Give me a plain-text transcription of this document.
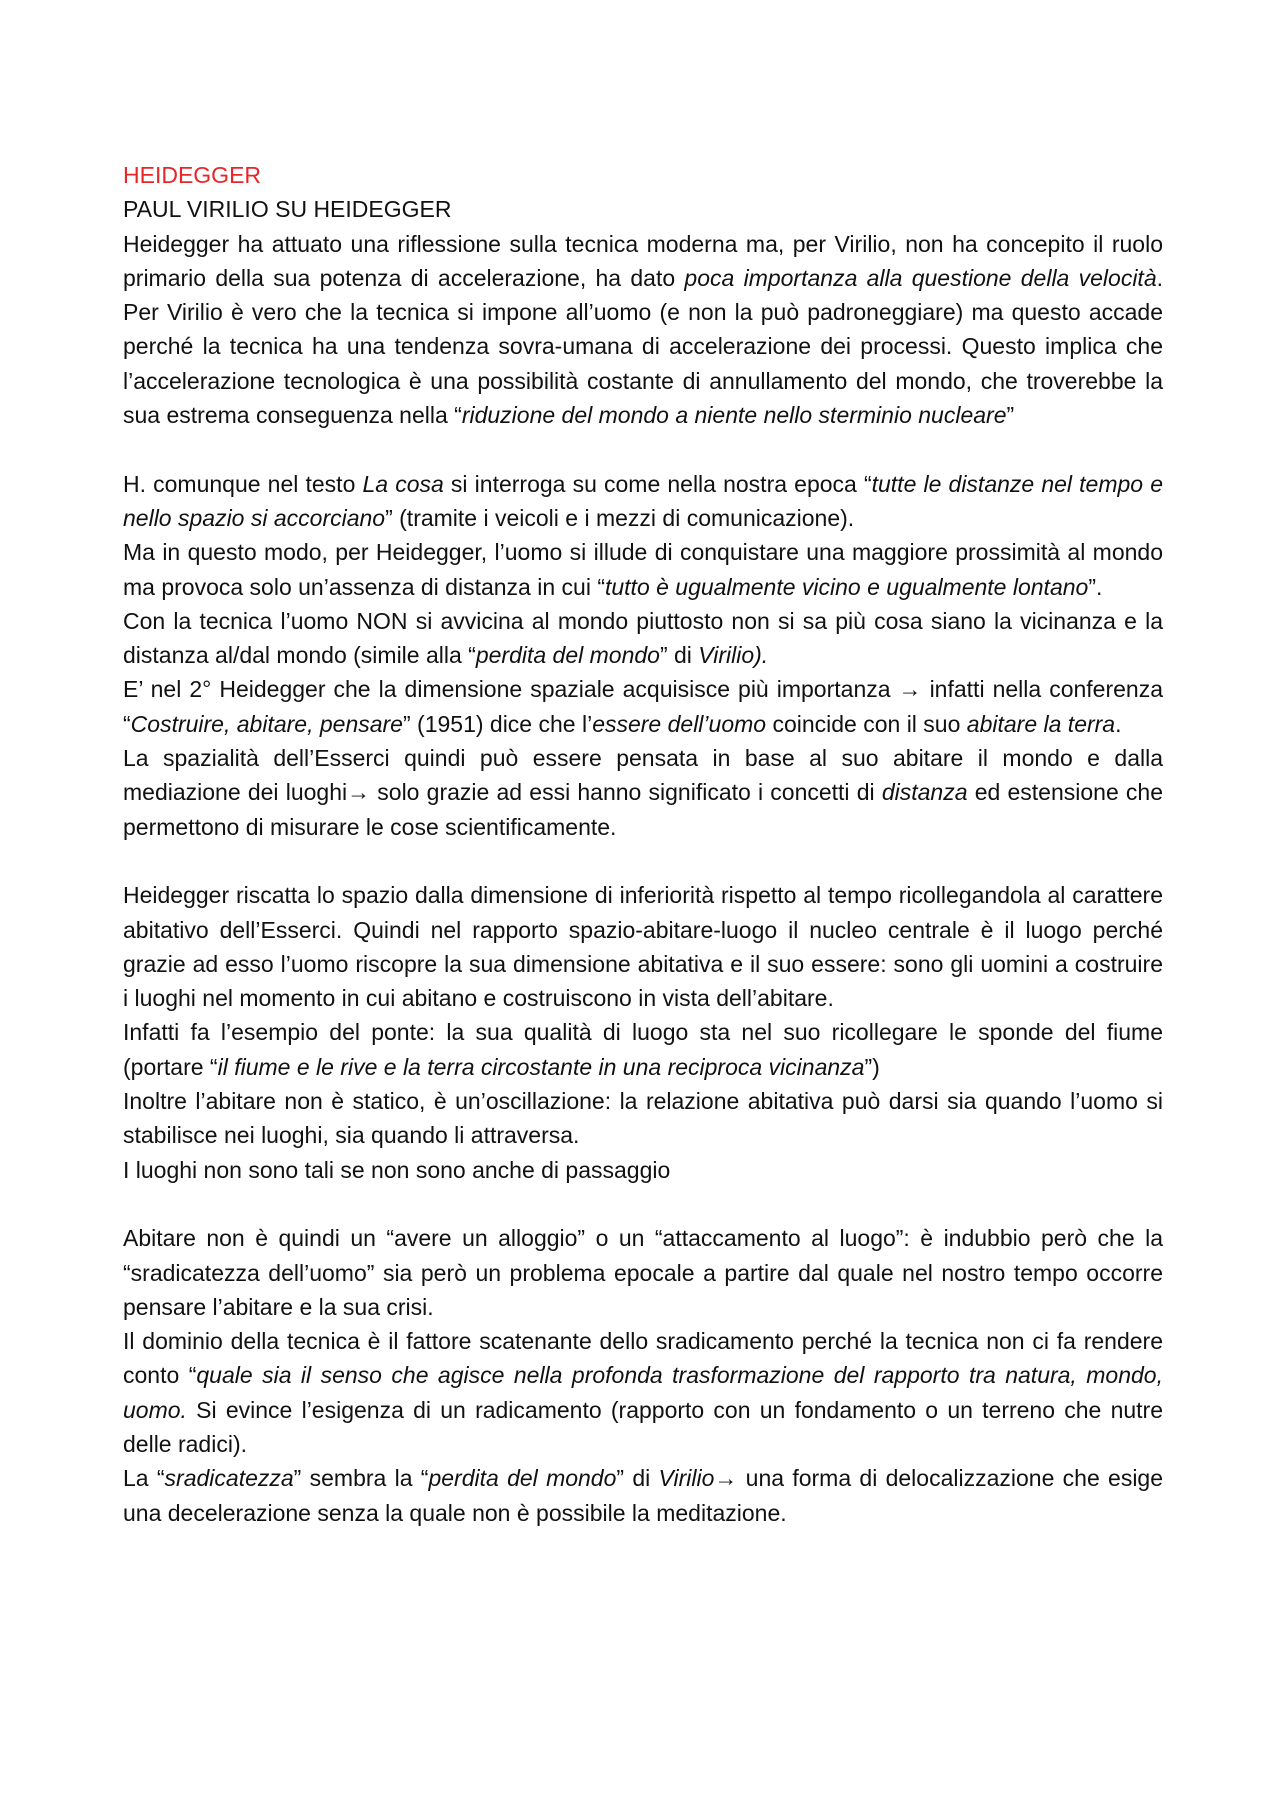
HEIDEGGER
PAUL VIRILIO SU HEIDEGGER

Heidegger ha attuato una riflessione sulla tecnica moderna ma, per Virilio, non ha concepito il ruolo primario della sua potenza di accelerazione, ha dato poca importanza alla questione della velocità. Per Virilio è vero che la tecnica si impone all’uomo (e non la può padroneggiare) ma questo accade perché la tecnica ha una tendenza sovra-umana di accelerazione dei processi. Questo implica che l’accelerazione tecnologica è una possibilità costante di annullamento del mondo, che troverebbe la sua estrema conseguenza nella “riduzione del mondo a niente nello sterminio nucleare”

H. comunque nel testo La cosa si interroga su come nella nostra epoca “tutte le distanze nel tempo e nello spazio si accorciano” (tramite i veicoli e i mezzi di comunicazione).

Ma in questo modo, per Heidegger, l’uomo si illude di conquistare una maggiore prossimità al mondo ma provoca solo un’assenza di distanza in cui “tutto è ugualmente vicino e ugualmente lontano”.

Con la tecnica l’uomo NON si avvicina al mondo piuttosto non si sa più cosa siano la vicinanza e la distanza al/dal mondo (simile alla “perdita del mondo” di Virilio).

E’ nel 2° Heidegger che la dimensione spaziale acquisisce più importanza → infatti nella conferenza “Costruire, abitare, pensare” (1951) dice che l’essere dell’uomo coincide con il suo abitare la terra.

La spazialità dell’Esserci quindi può essere pensata in base al suo abitare il mondo e dalla mediazione dei luoghi→ solo grazie ad essi hanno significato i concetti di distanza ed estensione che permettono di misurare le cose scientificamente.

Heidegger riscatta lo spazio dalla dimensione di inferiorità rispetto al tempo ricollegandola al carattere abitativo dell’Esserci. Quindi nel rapporto spazio-abitare-luogo il nucleo centrale è il luogo perché grazie ad esso l’uomo riscopre la sua dimensione abitativa e il suo essere: sono gli uomini a costruire i luoghi nel momento in cui abitano e costruiscono in vista dell’abitare.

Infatti fa l’esempio del ponte: la sua qualità di luogo sta nel suo ricollegare le sponde del fiume (portare “il fiume e le rive e la terra circostante in una reciproca vicinanza”)

Inoltre l’abitare non è statico, è un’oscillazione: la relazione abitativa può darsi sia quando l’uomo si stabilisce nei luoghi, sia quando li attraversa.

I luoghi non sono tali se non sono anche di passaggio

Abitare non è quindi un “avere un alloggio” o un “attaccamento al luogo”: è indubbio però che la “sradicatezza dell’uomo” sia però un problema epocale a partire dal quale nel nostro tempo occorre pensare l’abitare e la sua crisi.

Il dominio della tecnica è il fattore scatenante dello sradicamento perché la tecnica non ci fa rendere conto “quale sia il senso che agisce nella profonda trasformazione del rapporto tra natura, mondo, uomo. Si evince l’esigenza di un radicamento (rapporto con un fondamento o un terreno che nutre delle radici).

La “sradicatezza” sembra la “perdita del mondo” di Virilio→ una forma di delocalizzazione che esige una decelerazione senza la quale non è possibile la meditazione.
